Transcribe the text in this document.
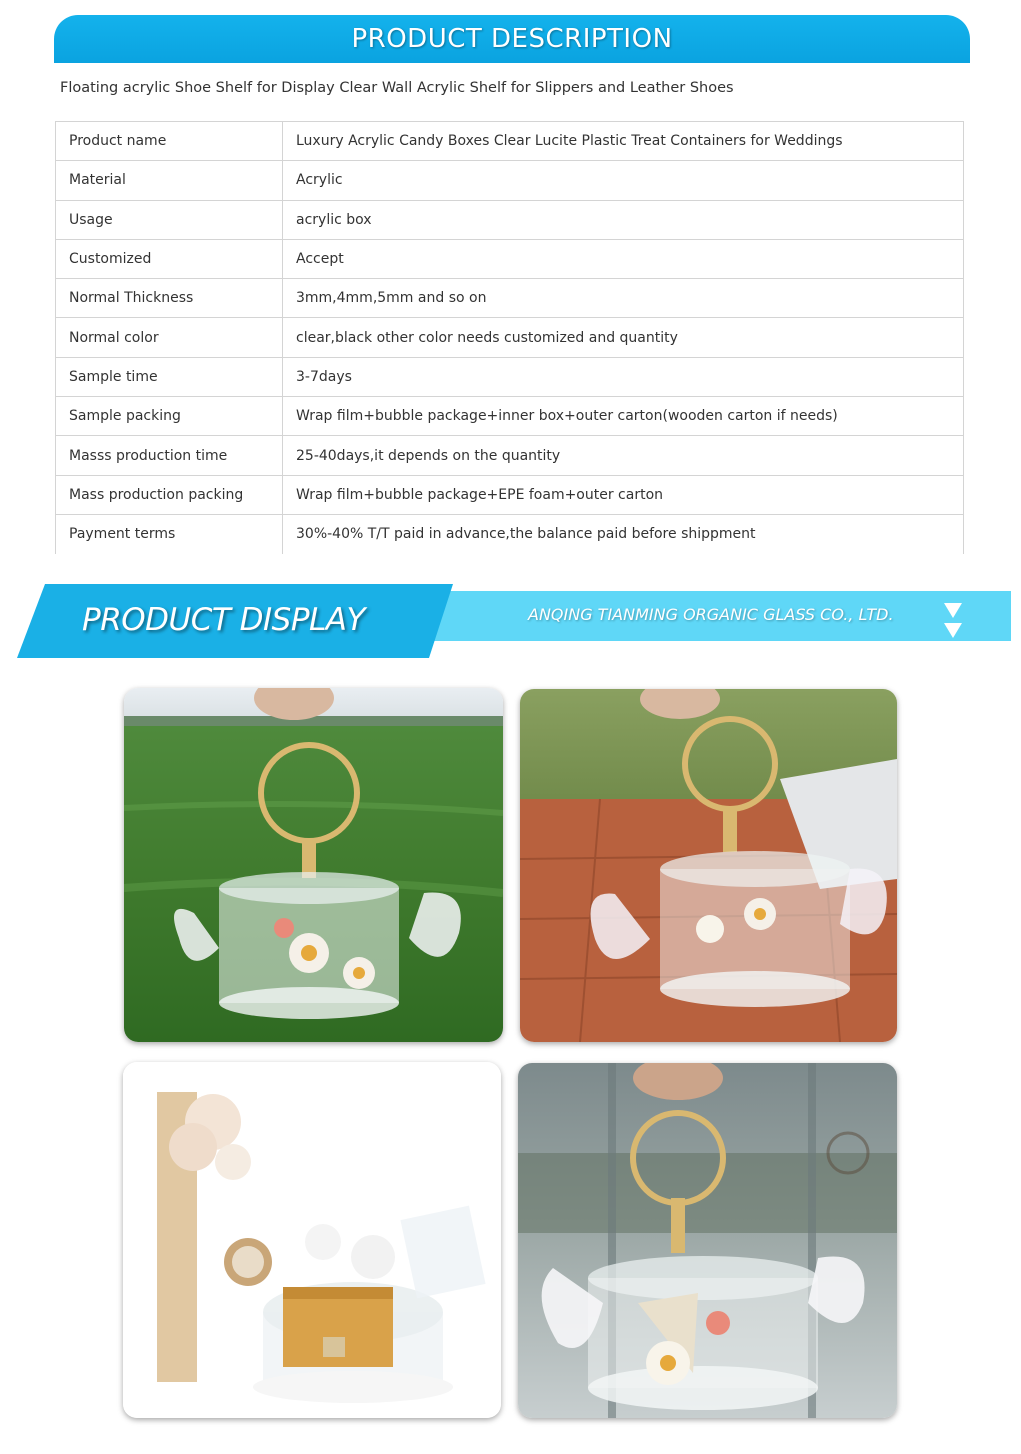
PRODUCT DESCRIPTION
Floating acrylic Shoe Shelf for Display Clear Wall Acrylic Shelf for Slippers and Leather Shoes
Product name	Luxury Acrylic Candy Boxes Clear Lucite Plastic Treat Containers for Weddings
Material	Acrylic
Usage	acrylic box
Customized	Accept
Normal Thickness	3mm,4mm,5mm and so on
Normal color	clear,black other color needs customized and quantity
Sample time	3-7days
Sample packing	Wrap film+bubble package+inner box+outer carton(wooden carton if needs)
Masss production time	25-40days,it depends on the quantity
Mass production packing	Wrap film+bubble package+EPE foam+outer carton
Payment terms	30%-40% T/T paid in advance,the balance paid before shippment
PRODUCT DISPLAY	ANQING TIANMING ORGANIC GLASS CO., LTD.
